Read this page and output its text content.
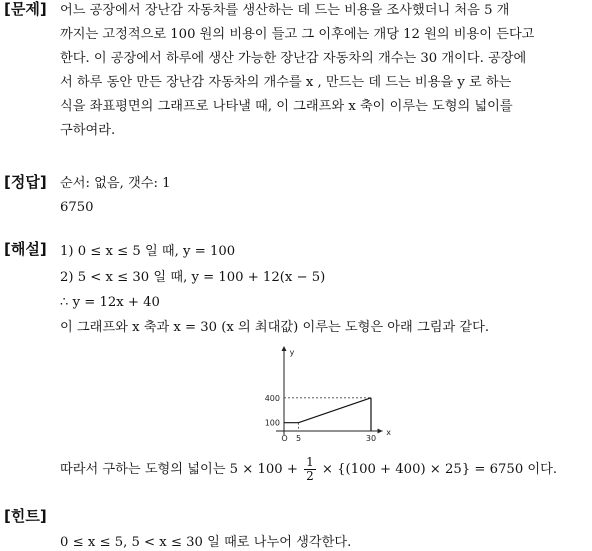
[문제] 어느 공장에서 장난감 자동차를 생산하는 데 드는 비용을 조사했더니 처음 5 개
까지는 고정적으로 100 원의 비용이 들고 그 이후에는 개당 12 원의 비용이 든다고
한다. 이 공장에서 하루에 생산 가능한 장난감 자동차의 개수는 30 개이다. 공장에
서 하루 동안 만든 장난감 자동차의 개수를 x , 만드는 데 드는 비용을 y 로 하는
식을 좌표평면의 그래프로 나타낼 때, 이 그래프와 x 축이 이루는 도형의 넓이를
구하여라.
[정답] 순서: 없음, 갯수: 1
6750
[해설] 1) 0 ≤ x ≤ 5 일 때, y = 100
2) 5 < x ≤ 30 일 때, y = 100 + 12(x − 5)
∴ y = 12x + 40
이 그래프와 x 축과 x = 30 (x 의 최대값) 이루는 도형은 아래 그림과 같다.
x
y
100
400
O 5	30
따라서 구하는 도형의 넓이는 $5 \times 100 + \frac{1}{2} \times \{(100 + 400) \times 25\} = 6750$ 이다.
[힌트]
0 ≤ x ≤ 5, 5 < x ≤ 30 일 때로 나누어 생각한다.
